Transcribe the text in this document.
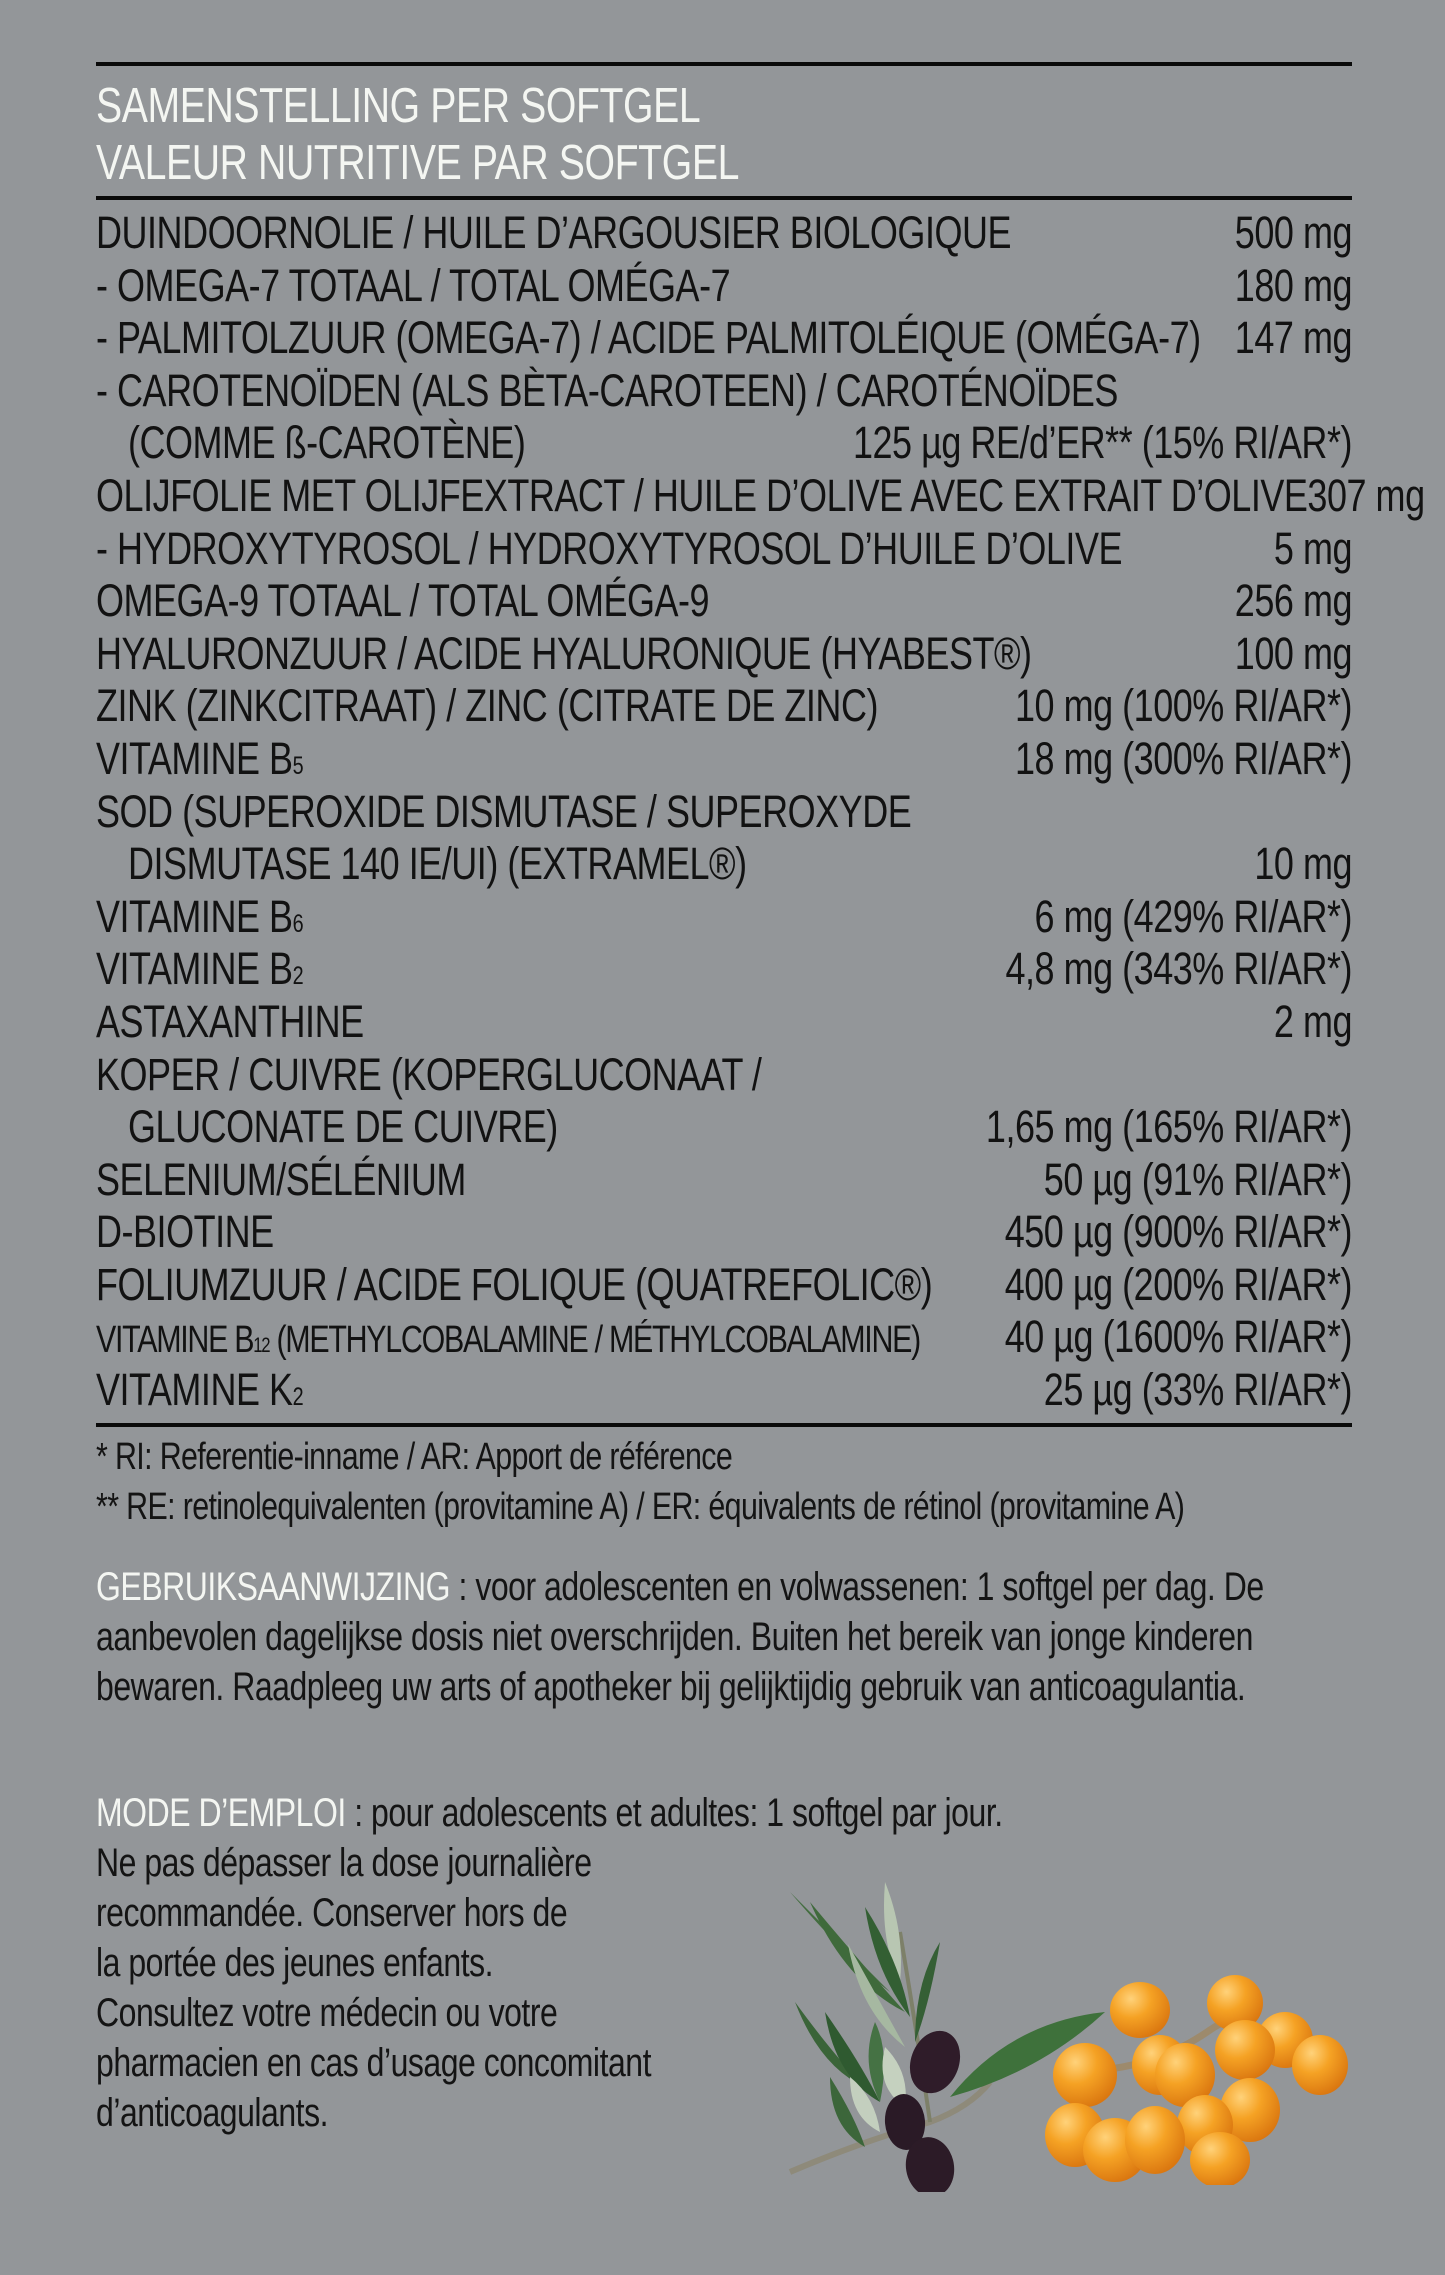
SAMENSTELLING PER SOFTGEL
VALEUR NUTRITIVE PAR SOFTGEL
DUINDOORNOLIE / HUILE D’ARGOUSIER BIOLOGIQUE	500 mg
- OMEGA-7 TOTAAL / TOTAL OMÉGA-7	180 mg
- PALMITOLZUUR (OMEGA-7) / ACIDE PALMITOLÉIQUE (OMÉGA-7) 147 mg
- CAROTENOÏDEN (ALS BÈTA-CAROTEEN) / CAROTÉNOÏDES
(COMME ß-CAROTÈNE)	125 µg RE/d’ER** (15% RI/AR*)
OLIJFOLIE MET OLIJFEXTRACT / HUILE D’OLIVE AVEC EXTRAIT D’OLIVE 307 mg
- HYDROXYTYROSOL / HYDROXYTYROSOL D’HUILE D’OLIVE	5 mg
OMEGA-9 TOTAAL / TOTAL OMÉGA-9	256 mg
HYALURONZUUR / ACIDE HYALURONIQUE (HYABEST®)	100 mg
ZINK (ZINKCITRAAT) / ZINC (CITRATE DE ZINC)	10 mg (100% RI/AR*)
VITAMINE B5	18 mg (300% RI/AR*)
SOD (SUPEROXIDE DISMUTASE / SUPEROXYDE
DISMUTASE 140 IE/UI) (EXTRAMEL®)	10 mg
VITAMINE B6	6 mg (429% RI/AR*)
VITAMINE B2	4,8 mg (343% RI/AR*)
ASTAXANTHINE	2 mg
KOPER / CUIVRE (KOPERGLUCONAAT /
GLUCONATE DE CUIVRE)	1,65 mg (165% RI/AR*)
SELENIUM/SÉLÉNIUM	50 µg (91% RI/AR*)
D-BIOTINE	450 µg (900% RI/AR*)
FOLIUMZUUR / ACIDE FOLIQUE (QUATREFOLIC®) 400 µg (200% RI/AR*)
VITAMINE B12 (METHYLCOBALAMINE / MÉTHYLCOBALAMINE) 40 µg (1600% RI/AR*)
VITAMINE K2	25 µg (33% RI/AR*)
* RI: Referentie-inname / AR: Apport de référence
** RE: retinolequivalenten (provitamine A) / ER: équivalents de rétinol (provitamine A)
GEBRUIKSAANWIJZING : voor adolescenten en volwassenen: 1 softgel per dag. De aanbevolen dagelijkse dosis niet overschrijden. Buiten het bereik van jonge kinderen bewaren. Raadpleeg uw arts of apotheker bij gelijktijdig gebruik van anticoagulantia.
MODE D’EMPLOI : pour adolescents et adultes: 1 softgel par jour.
Ne pas dépasser la dose journalière
recommandée. Conserver hors de
la portée des jeunes enfants.
Consultez votre médecin ou votre
pharmacien en cas d’usage concomitant
d’anticoagulants.
